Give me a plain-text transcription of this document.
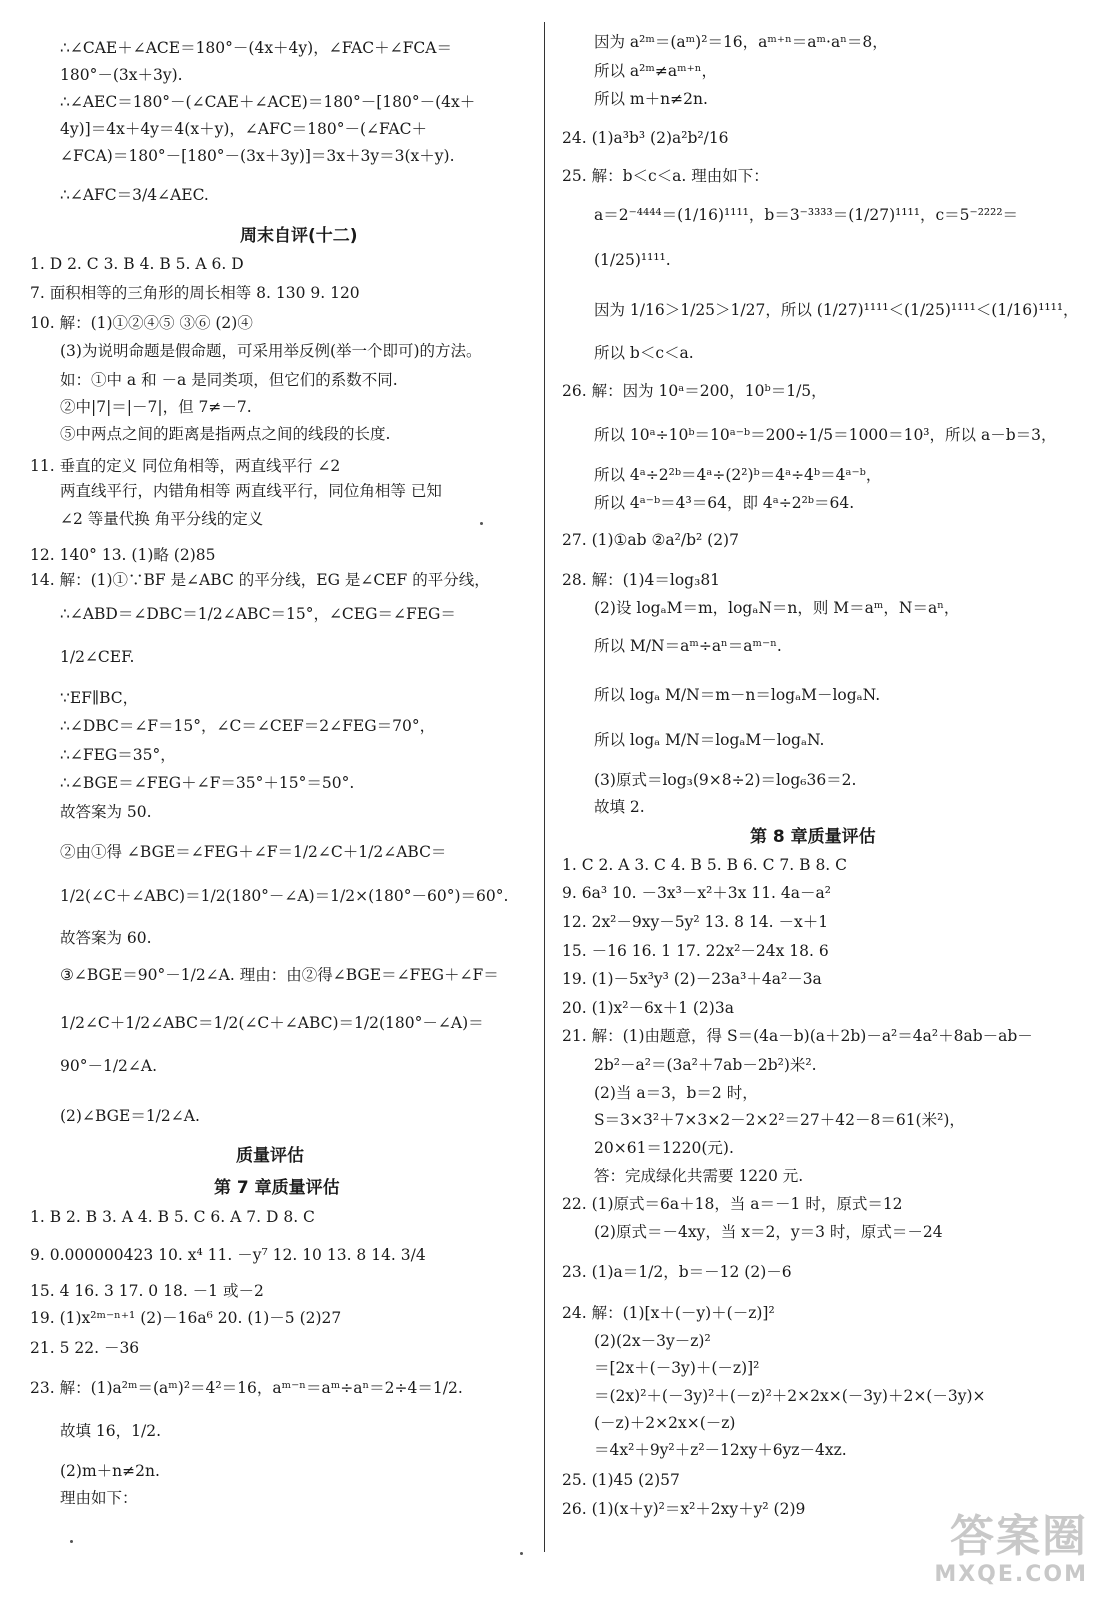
∴∠CAE＋∠ACE＝180°－(4x＋4y)，∠FAC＋∠FCA＝
180°－(3x＋3y).
∴∠AEC＝180°－(∠CAE＋∠ACE)＝180°－[180°－(4x＋
4y)]＝4x＋4y＝4(x＋y)，∠AFC＝180°－(∠FAC＋
∠FCA)＝180°－[180°－(3x＋3y)]＝3x＋3y＝3(x＋y).
∴∠AFC＝3/4∠AEC.
1. D 2. C 3. B 4. B 5. A 6. D
7. 面积相等的三角形的周长相等 8. 130 9. 120
10. 解：(1)①②④⑤ ③⑥ (2)④
(3)为说明命题是假命题，可采用举反例(举一个即可)的方法。
如：①中 a 和 －a 是同类项，但它们的系数不同.
②中|7|＝|－7|，但 7≠－7.
⑤中两点之间的距离是指两点之间的线段的长度.
11. 垂直的定义 同位角相等，两直线平行 ∠2
两直线平行，内错角相等 两直线平行，同位角相等 已知
∠2 等量代换 角平分线的定义
12. 140° 13. (1)略 (2)85
14. 解：(1)①∵BF 是∠ABC 的平分线，EG 是∠CEF 的平分线，
∴∠ABD＝∠DBC＝1/2∠ABC＝15°，∠CEG＝∠FEG＝
1/2∠CEF.
∵EF∥BC，
∴∠DBC＝∠F＝15°，∠C＝∠CEF＝2∠FEG＝70°，
∴∠FEG＝35°，
∴∠BGE＝∠FEG＋∠F＝35°＋15°＝50°.
故答案为 50.
②由①得 ∠BGE＝∠FEG＋∠F＝1/2∠C＋1/2∠ABC＝
1/2(∠C＋∠ABC)＝1/2(180°－∠A)＝1/2×(180°－60°)＝60°.
故答案为 60.
③∠BGE＝90°－1/2∠A. 理由：由②得∠BGE＝∠FEG＋∠F＝
1/2∠C＋1/2∠ABC＝1/2(∠C＋∠ABC)＝1/2(180°－∠A)＝
90°－1/2∠A.
(2)∠BGE＝1/2∠A.
1. B 2. B 3. A 4. B 5. C 6. A 7. D 8. C
9. 0.000000423 10. x⁴ 11. －y⁷ 12. 10 13. 8 14. 3/4
15. 4 16. 3 17. 0 18. －1 或－2
19. (1)x²ᵐ⁻ⁿ⁺¹ (2)－16a⁶ 20. (1)－5 (2)27
21. 5 22. －36
23. 解：(1)a²ᵐ＝(aᵐ)²＝4²＝16，aᵐ⁻ⁿ＝aᵐ÷aⁿ＝2÷4＝1/2.
故填 16，1/2.
(2)m＋n≠2n.
理由如下：
周末自评(十二)
质量评估
第 7 章质量评估
因为 a²ᵐ＝(aᵐ)²＝16，aᵐ⁺ⁿ＝aᵐ·aⁿ＝8，
所以 a²ᵐ≠aᵐ⁺ⁿ，
所以 m＋n≠2n.
24. (1)a³b³ (2)a²b²/16
25. 解：b＜c＜a. 理由如下：
a＝2⁻⁴⁴⁴⁴＝(1/16)¹¹¹¹，b＝3⁻³³³³＝(1/27)¹¹¹¹，c＝5⁻²²²²＝
(1/25)¹¹¹¹.
因为 1/16＞1/25＞1/27，所以 (1/27)¹¹¹¹＜(1/25)¹¹¹¹＜(1/16)¹¹¹¹，
所以 b＜c＜a.
26. 解：因为 10ᵃ＝200，10ᵇ＝1/5，
所以 10ᵃ÷10ᵇ＝10ᵃ⁻ᵇ＝200÷1/5＝1000＝10³，所以 a－b＝3，
所以 4ᵃ÷2²ᵇ＝4ᵃ÷(2²)ᵇ＝4ᵃ÷4ᵇ＝4ᵃ⁻ᵇ，
所以 4ᵃ⁻ᵇ＝4³＝64，即 4ᵃ÷2²ᵇ＝64.
27. (1)①ab ②a²/b² (2)7
28. 解：(1)4＝log₃81
(2)设 logₐM＝m，logₐN＝n，则 M＝aᵐ，N＝aⁿ，
所以 M/N＝aᵐ÷aⁿ＝aᵐ⁻ⁿ.
所以 logₐ M/N＝m－n＝logₐM－logₐN.
所以 logₐ M/N＝logₐM－logₐN.
(3)原式＝log₃(9×8÷2)＝log₆36＝2.
故填 2.
1. C 2. A 3. C 4. B 5. B 6. C 7. B 8. C
9. 6a³ 10. －3x³－x²＋3x 11. 4a－a²
12. 2x²－9xy－5y² 13. 8 14. －x＋1
15. －16 16. 1 17. 22x²－24x 18. 6
19. (1)－5x³y³ (2)－23a³＋4a²－3a
20. (1)x²－6x＋1 (2)3a
21. 解：(1)由题意，得 S＝(4a－b)(a＋2b)－a²＝4a²＋8ab－ab－
2b²－a²＝(3a²＋7ab－2b²)米².
(2)当 a＝3，b＝2 时，
S＝3×3²＋7×3×2－2×2²＝27＋42－8＝61(米²)，
20×61＝1220(元).
答：完成绿化共需要 1220 元.
22. (1)原式＝6a＋18，当 a＝－1 时，原式＝12
(2)原式＝－4xy，当 x＝2，y＝3 时，原式＝－24
23. (1)a＝1/2，b＝－12 (2)－6
24. 解：(1)[x＋(－y)＋(－z)]²
(2)(2x－3y－z)²
＝[2x＋(－3y)＋(－z)]²
＝(2x)²＋(－3y)²＋(－z)²＋2×2x×(－3y)＋2×(－3y)×
(－z)＋2×2x×(－z)
＝4x²＋9y²＋z²－12xy＋6yz－4xz.
25. (1)45 (2)57
26. (1)(x＋y)²＝x²＋2xy＋y² (2)9
第 8 章质量评估
答案圈
MXQE.COM
